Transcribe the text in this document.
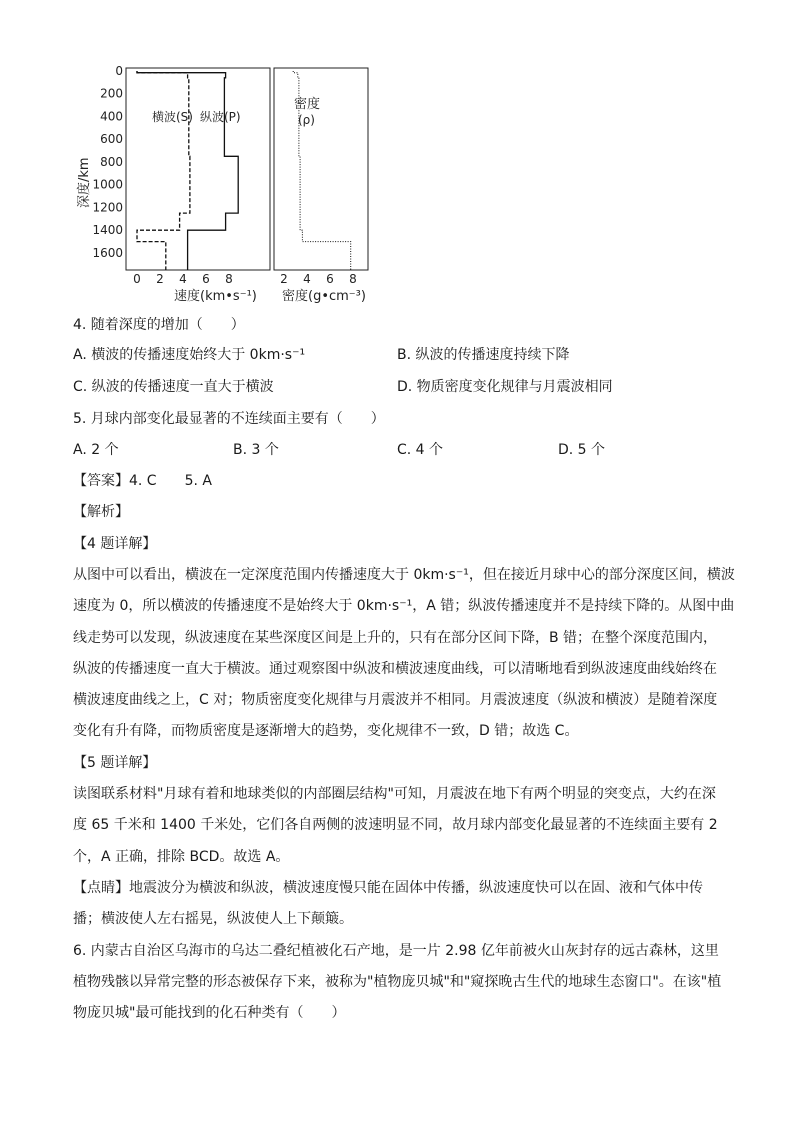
0
200
400
600
800
1000
1200
1400
1600
0 2 4 6 8	2 4 6 8
深度/km
横波(S) 纵波(P)
密度
(ρ)
速度(km•s⁻¹) 密度(g•cm⁻³)
4. 随着深度的增加（　　）
A. 横波的传播速度始终大于 0km·s⁻¹	B. 纵波的传播速度持续下降
C. 纵波的传播速度一直大于横波	D. 物质密度变化规律与月震波相同
5. 月球内部变化最显著的不连续面主要有（　　）
A. 2 个	B. 3 个	C. 4 个	D. 5 个
【答案】4. C　　5. A
【解析】
【4 题详解】
从图中可以看出，横波在一定深度范围内传播速度大于 0km·s⁻¹，但在接近月球中心的部分深度区间，横波
速度为 0，所以横波的传播速度不是始终大于 0km·s⁻¹，A 错；纵波传播速度并不是持续下降的。从图中曲
线走势可以发现，纵波速度在某些深度区间是上升的，只有在部分区间下降，B 错；在整个深度范围内，
纵波的传播速度一直大于横波。通过观察图中纵波和横波速度曲线，可以清晰地看到纵波速度曲线始终在
横波速度曲线之上，C 对；物质密度变化规律与月震波并不相同。月震波速度（纵波和横波）是随着深度
变化有升有降，而物质密度是逐渐增大的趋势，变化规律不一致，D 错；故选 C。
【5 题详解】
读图联系材料"月球有着和地球类似的内部圈层结构"可知，月震波在地下有两个明显的突变点，大约在深
度 65 千米和 1400 千米处，它们各自两侧的波速明显不同，故月球内部变化最显著的不连续面主要有 2
个，A 正确，排除 BCD。故选 A。
【点睛】地震波分为横波和纵波，横波速度慢只能在固体中传播，纵波速度快可以在固、液和气体中传
播；横波使人左右摇晃，纵波使人上下颠簸。
6. 内蒙古自治区乌海市的乌达二叠纪植被化石产地，是一片 2.98 亿年前被火山灰封存的远古森林，这里
植物残骸以异常完整的形态被保存下来，被称为"植物庞贝城"和"窥探晚古生代的地球生态窗口"。在该"植
物庞贝城"最可能找到的化石种类有（　　）
